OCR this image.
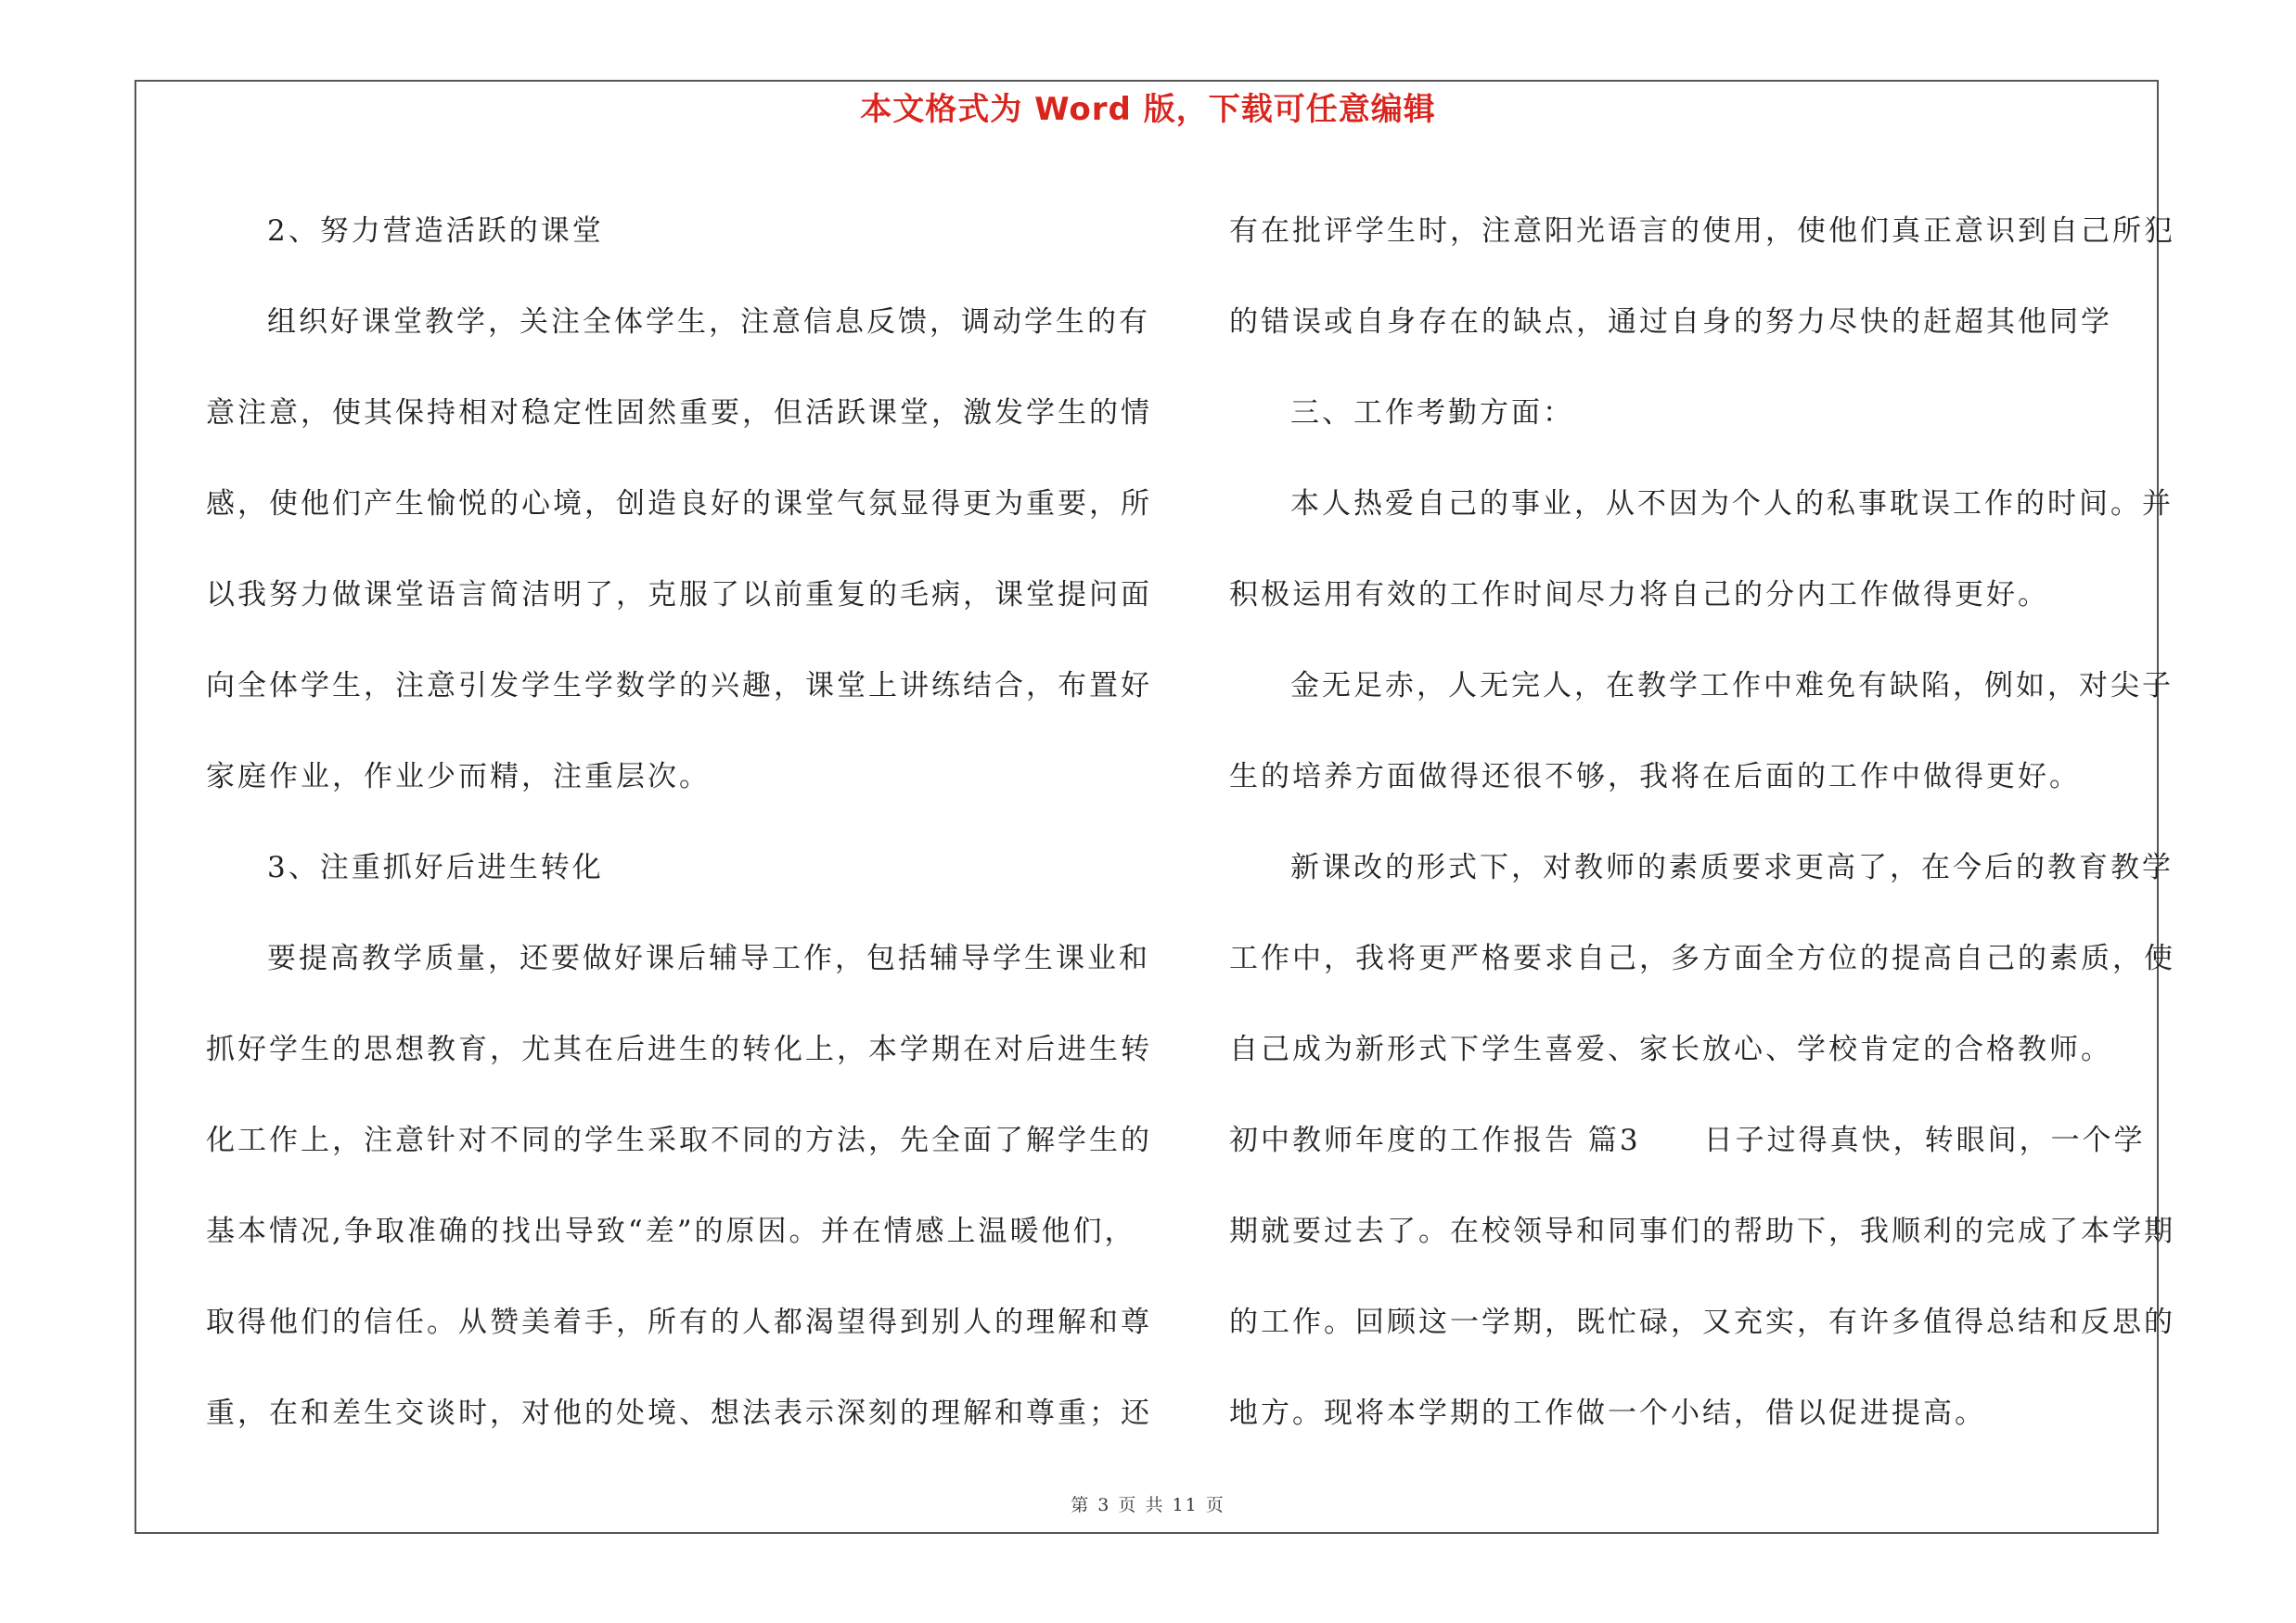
本文格式为 Word 版，下载可任意编辑
2、努力营造活跃的课堂
组织好课堂教学，关注全体学生，注意信息反馈，调动学生的有
意注意，使其保持相对稳定性固然重要，但活跃课堂，激发学生的情
感，使他们产生愉悦的心境，创造良好的课堂气氛显得更为重要，所
以我努力做课堂语言简洁明了，克服了以前重复的毛病，课堂提问面
向全体学生，注意引发学生学数学的兴趣，课堂上讲练结合，布置好
家庭作业，作业少而精，注重层次。
3、注重抓好后进生转化
要提高教学质量，还要做好课后辅导工作，包括辅导学生课业和
抓好学生的思想教育，尤其在后进生的转化上，本学期在对后进生转
化工作上，注意针对不同的学生采取不同的方法，先全面了解学生的
基本情况,争取准确的找出导致“差”的原因。并在情感上温暖他们，
取得他们的信任。从赞美着手，所有的人都渴望得到别人的理解和尊
重，在和差生交谈时，对他的处境、想法表示深刻的理解和尊重；还
有在批评学生时，注意阳光语言的使用，使他们真正意识到自己所犯
的错误或自身存在的缺点，通过自身的努力尽快的赶超其他同学
三、工作考勤方面：
本人热爱自己的事业，从不因为个人的私事耽误工作的时间。并
积极运用有效的工作时间尽力将自己的分内工作做得更好。
金无足赤，人无完人，在教学工作中难免有缺陷，例如，对尖子
生的培养方面做得还很不够，我将在后面的工作中做得更好。
新课改的形式下，对教师的素质要求更高了，在今后的教育教学
工作中，我将更严格要求自己，多方面全方位的提高自己的素质，使
自己成为新形式下学生喜爱、家长放心、学校肯定的合格教师。
初中教师年度的工作报告 篇3　　日子过得真快，转眼间，一个学
期就要过去了。在校领导和同事们的帮助下，我顺利的完成了本学期
的工作。回顾这一学期，既忙碌，又充实，有许多值得总结和反思的
地方。现将本学期的工作做一个小结，借以促进提高。
第 3 页 共 11 页
